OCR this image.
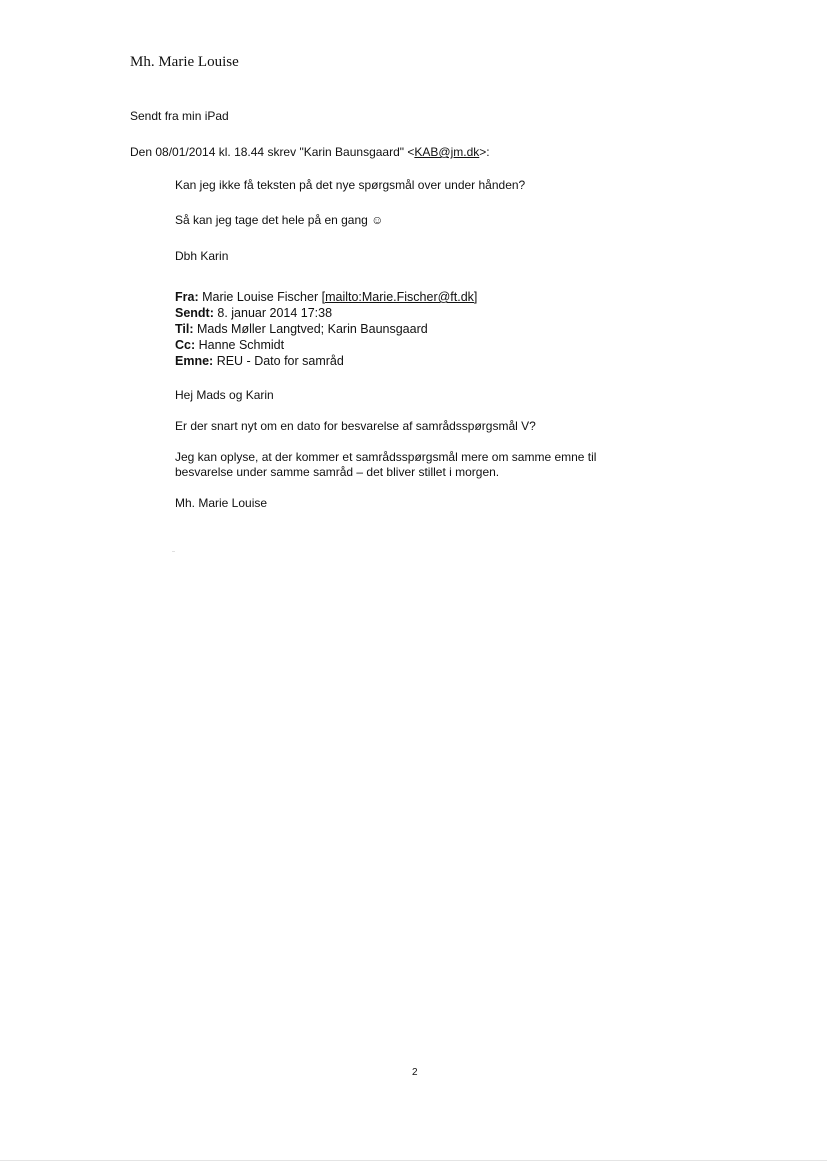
Mh. Marie Louise
Sendt fra min iPad
Den 08/01/2014 kl. 18.44 skrev "Karin Baunsgaard" <KAB@jm.dk>:
Kan jeg ikke få teksten på det nye spørgsmål over under hånden?
Så kan jeg tage det hele på en gang ☺
Dbh Karin
Fra: Marie Louise Fischer [mailto:Marie.Fischer@ft.dk]
Sendt: 8. januar 2014 17:38
Til: Mads Møller Langtved; Karin Baunsgaard
Cc: Hanne Schmidt
Emne: REU - Dato for samråd
Hej Mads og Karin
Er der snart nyt om en dato for besvarelse af samrådsspørgsmål V?
Jeg kan oplyse, at der kommer et samrådsspørgsmål mere om samme emne til besvarelse under samme samråd – det bliver stillet i morgen.
Mh. Marie Louise
2
